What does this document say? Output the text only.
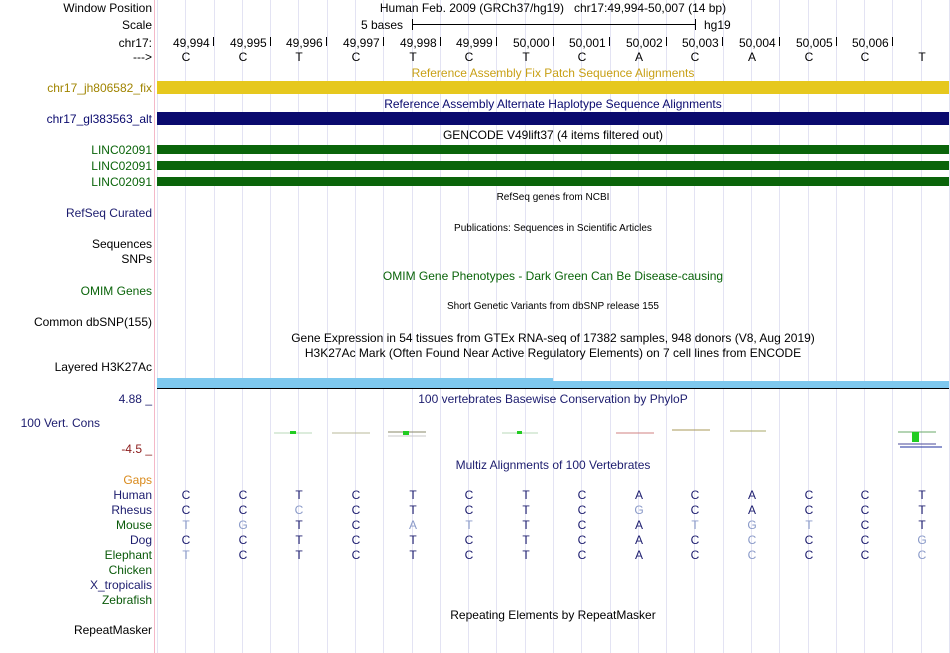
Window Position	Human Feb. 2009 (GRCh37/hg19)   chr17:49,994-50,007 (14 bp)
Scale	5 bases	hg19
chr17: 49,994 49,995 49,996 49,997 49,998 49,999 50,000 50,001 50,002 50,003 50,004 50,005 50,006
--->	C	C	T	C	T	C	T	C	A	C	A	C	C	T
Reference Assembly Fix Patch Sequence Alignments
chr17_jh806582_fix
Reference Assembly Alternate Haplotype Sequence Alignments
chr17_gl383563_alt
GENCODE V49lift37 (4 items filtered out)
LINC02091
LINC02091
LINC02091
RefSeq genes from NCBI
RefSeq Curated
Publications: Sequences in Scientific Articles
Sequences
SNPs
OMIM Gene Phenotypes - Dark Green Can Be Disease-causing
OMIM Genes
Short Genetic Variants from dbSNP release 155
Common dbSNP(155)
Gene Expression in 54 tissues from GTEx RNA-seq of 17382 samples, 948 donors (V8, Aug 2019)
H3K27Ac Mark (Often Found Near Active Regulatory Elements) on 7 cell lines from ENCODE
Layered H3K27Ac
4.88 _	100 vertebrates Basewise Conservation by PhyloP
100 Vert. Cons
-4.5 _
Multiz Alignments of 100 Vertebrates
Gaps
Human	C	C	T	C	T	C	T	C	A	C	A	C	C	T
Rhesus	C	C	C	C	T	C	T	C	G	C	A	C	C	T
Mouse	T	G	T	C	A	T	T	C	A	T	G	T	C	T
Dog	C	C	T	C	T	C	T	C	A	C	C	C	C	G
Elephant	T	C	T	C	T	C	T	C	A	C	C	C	C	C
Chicken
X_tropicalis
Zebrafish
Repeating Elements by RepeatMasker
RepeatMasker
